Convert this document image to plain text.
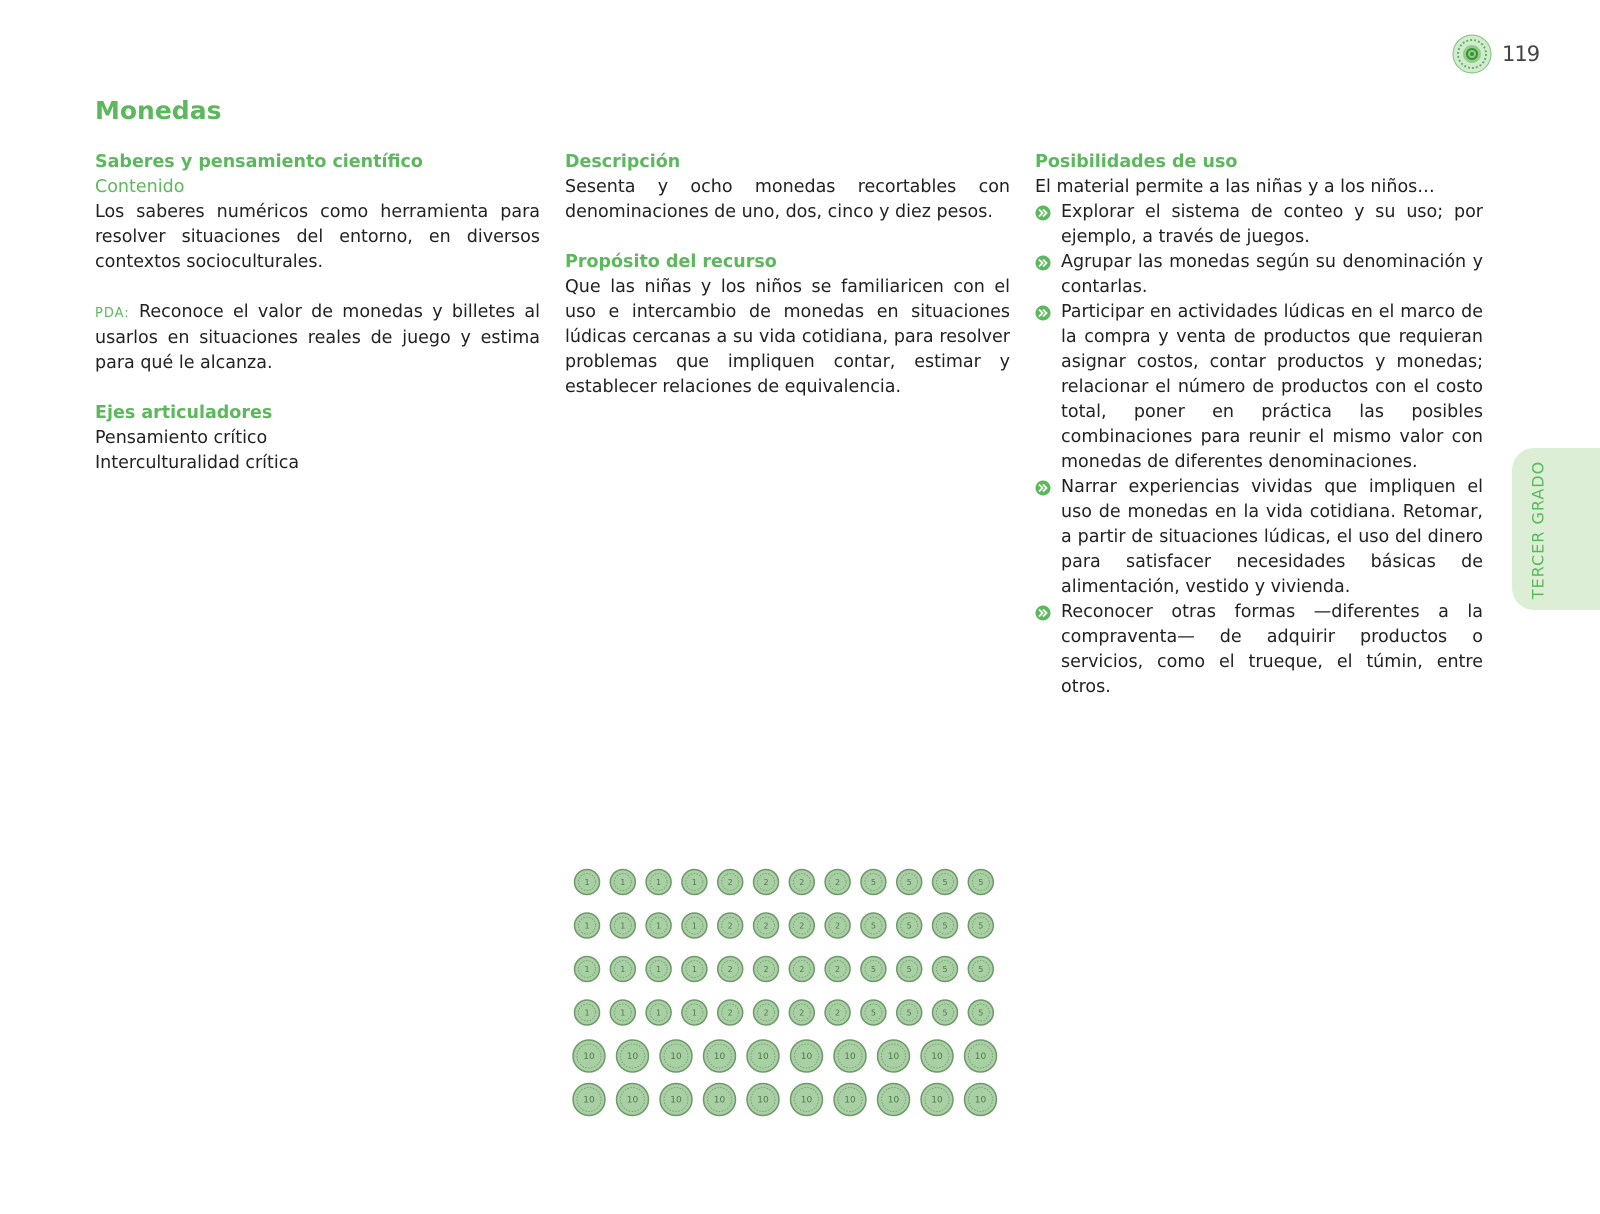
119
Monedas
Saberes y pensamiento científico
Contenido
Los saberes numéricos como herramienta para resolver situaciones del entorno, en diversos contextos socioculturales.
PDA: Reconoce el valor de monedas y billetes al usarlos en situaciones reales de juego y estima para qué le alcanza.
Ejes articuladores
Pensamiento crítico
Interculturalidad crítica
Descripción
Sesenta y ocho monedas recortables con denominaciones de uno, dos, cinco y diez pesos.
Propósito del recurso
Que las niñas y los niños se familiaricen con el uso e intercambio de monedas en situaciones lúdicas cercanas a su vida cotidiana, para resolver problemas que impliquen contar, estimar y establecer relaciones de equivalencia.
Posibilidades de uso
El material permite a las niñas y a los niños…
Explorar el sistema de conteo y su uso; por ejemplo, a través de juegos.
Agrupar las monedas según su denominación y contarlas.
Participar en actividades lúdicas en el marco de la compra y venta de productos que requieran asignar costos, contar productos y monedas; relacionar el número de productos con el costo total, poner en práctica las posibles combinaciones para reunir el mismo valor con monedas de diferentes denominaciones.
Narrar experiencias vividas que impliquen el uso de monedas en la vida cotidiana. Retomar, a partir de situaciones lúdicas, el uso del dinero para satisfacer necesidades básicas de alimentación, vestido y vivienda.
Reconocer otras formas —diferentes a la compraventa— de adquirir productos o servicios, como el trueque, el túmin, entre otros.
TERCER GRADO
1	1	1	1	2	2	2	2	5	5	5	5
1	1	1	1	2	2	2	2	5	5	5	5
1	1	1	1	2	2	2	2	5	5	5	5
1	1	1	1	2	2	2	2	5	5	5	5
10	10	10	10	10	10	10	10	10	10
10	10	10	10	10	10	10	10	10	10
